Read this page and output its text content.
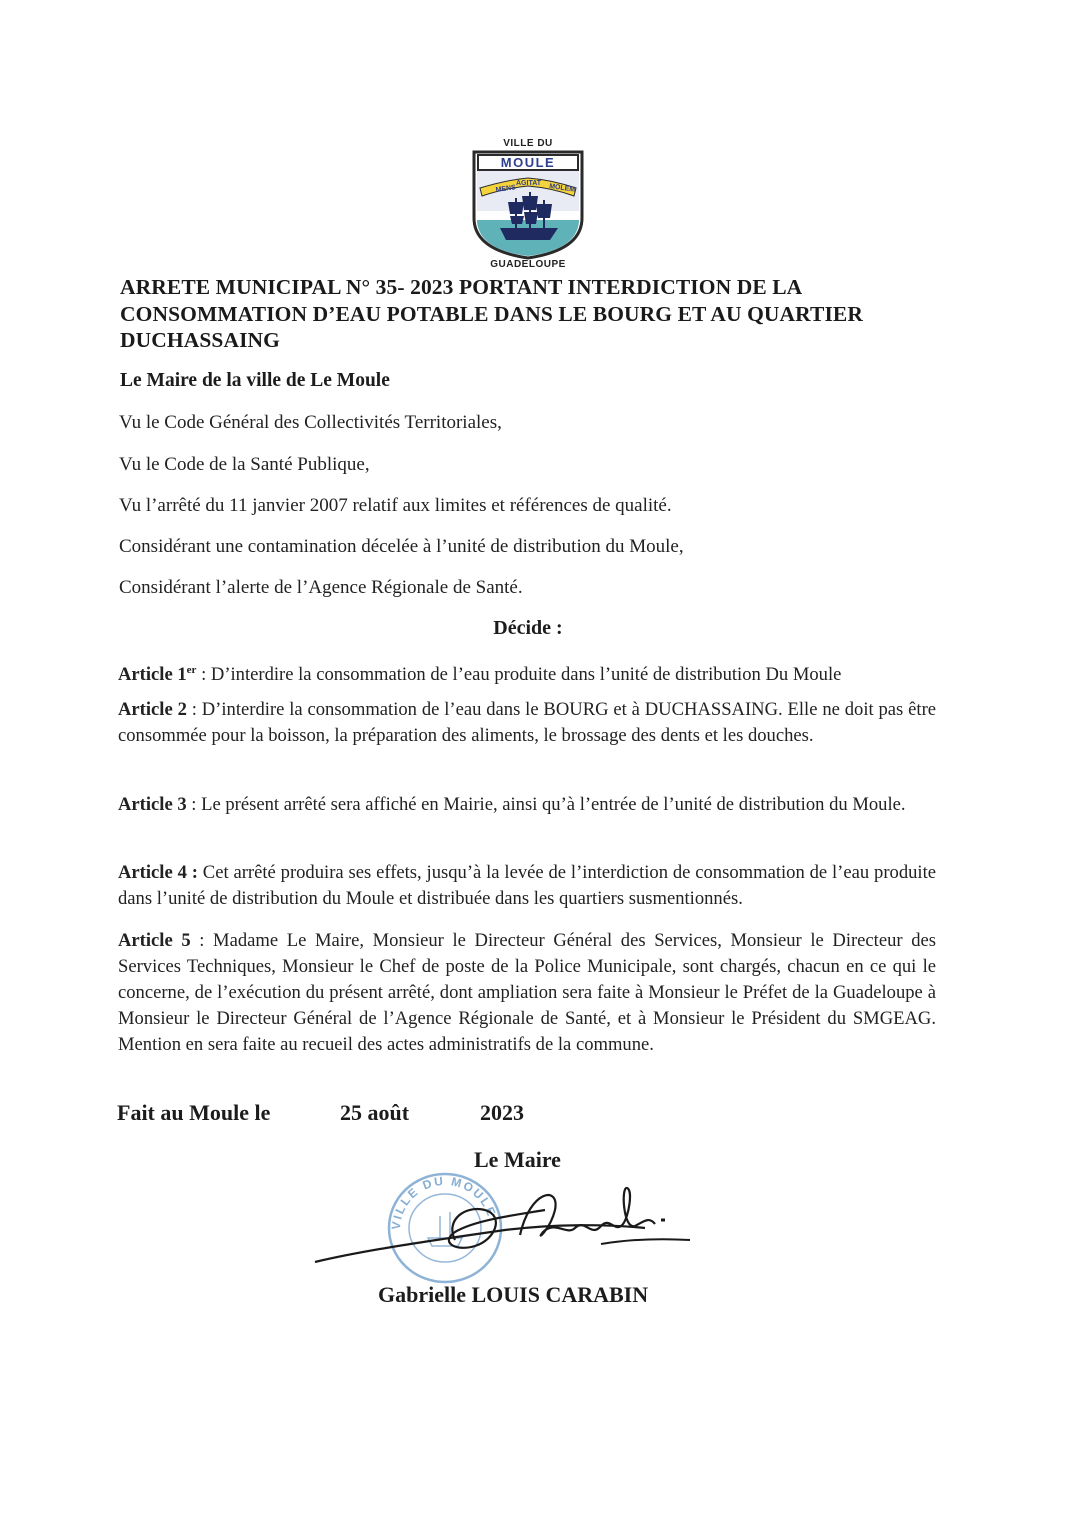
VILLE DU
MOULE
MENS
AGITAT MOLEM
GUADELOUPE
ARRETE MUNICIPAL N° 35- 2023 PORTANT INTERDICTION DE LA
CONSOMMATION D’EAU POTABLE DANS LE BOURG ET AU QUARTIER
DUCHASSAING
Le Maire de la ville de Le Moule
Vu le Code Général des Collectivités Territoriales,
Vu le Code de la Santé Publique,
Vu l’arrêté du 11 janvier 2007 relatif aux limites et références de qualité.
Considérant une contamination décelée à l’unité de distribution du Moule,
Considérant l’alerte de l’Agence Régionale de Santé.
Décide :
Article 1er : D’interdire la consommation de l’eau produite dans l’unité de distribution Du Moule
Article 2 : D’interdire la consommation de l’eau dans le BOURG et à DUCHASSAING. Elle ne doit pas être consommée pour la boisson, la préparation des aliments, le brossage des dents et les douches.
Article 3 : Le présent arrêté sera affiché en Mairie, ainsi qu’à l’entrée de l’unité de distribution du Moule.
Article 4 : Cet arrêté produira ses effets, jusqu’à la levée de l’interdiction de consommation de l’eau produite dans l’unité de distribution du Moule et distribuée dans les quartiers susmentionnés.
Article 5 : Madame Le Maire, Monsieur le Directeur Général des Services, Monsieur le Directeur des Services Techniques, Monsieur le Chef de poste de la Police Municipale, sont chargés, chacun en ce qui le concerne, de l’exécution du présent arrêté, dont ampliation sera faite à Monsieur le Préfet de la Guadeloupe à Monsieur le Directeur Général de l’Agence Régionale de Santé, et à Monsieur le Président du SMGEAG. Mention en sera faite au recueil des actes administratifs de la commune.
Fait au Moule le	25 août	2023
Le Maire
VILLE DU MOULE
Gabrielle LOUIS CARABIN
